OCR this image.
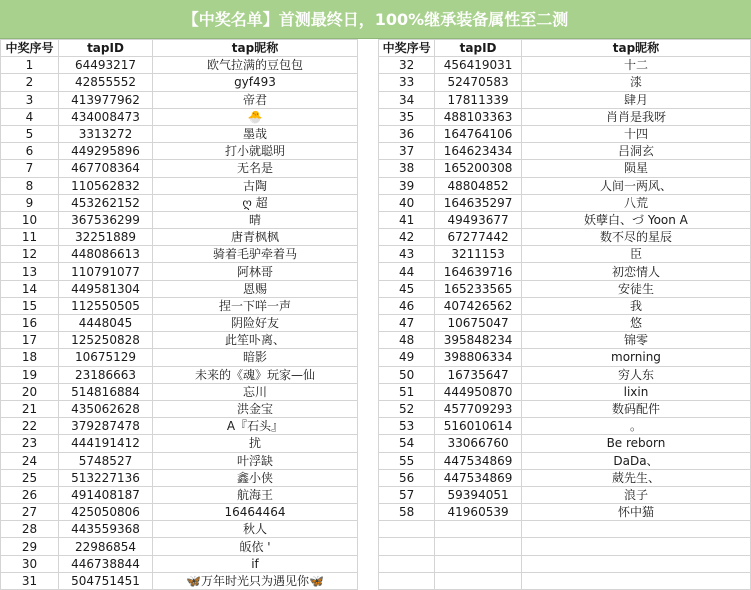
【中奖名单】首测最终日，100%继承装备属性至二测
中奖序号	tapID	tap昵称
1	64493217	欧气拉满的豆包包
2	42855552	gyf493
3	413977962	帝君
4	434008473	🐣
5	3313272	墨哉
6	449295896	打小就聪明
7	467708364	无名是
8	110562832	古陶
9	453262152	ღ 超
10	367536299	晴
11	32251889	唐青枫枫
12	448086613	骑着毛驴牵着马
13	110791077	阿林哥
14	449581304	恩赐
15	112550505	捏一下咩一声
16	4448045	阴险好友
17	125250828	此笙卟离、
18	10675129	暗影
19	23186663	未来的《魂》玩家—仙
20	514816884	忘川
21	435062628	洪金宝
22	379287478	A『石头』
23	444191412	扰
24	5748527	叶浮缺
25	513227136	鑫小侠
26	491408187	航海王
27	425050806	16464464
28	443559368	秋人
29	22986854	皈依 '
30	446738844	if
31	504751451	🦋万年时光只为遇见你🦋
中奖序号	tapID	tap昵称
32	456419031	十二
33	52470583	渁
34	17811339	肆月
35	488103363	肖肖是我呀
36	164764106	十四
37	164623434	吕洞玄
38	165200308	陨星
39	48804852	人间一两风、
40	164635297	八荒
41	49493677	妖孽白、づ Yoon A
42	67277442	数不尽的星辰
43	3211153	臣
44	164639716	初恋情人
45	165233565	安徒生
46	407426562	我
47	10675047	悠
48	395848234	锦零
49	398806334	morning
50	16735647	穷人东
51	444950870	lixin
52	457709293	数码配件
53	516010614	。
54	33066760	Be reborn
55	447534869	DaDa、
56	447534869	葳先生、
57	59394051	浪子
58	41960539	怀中猫
